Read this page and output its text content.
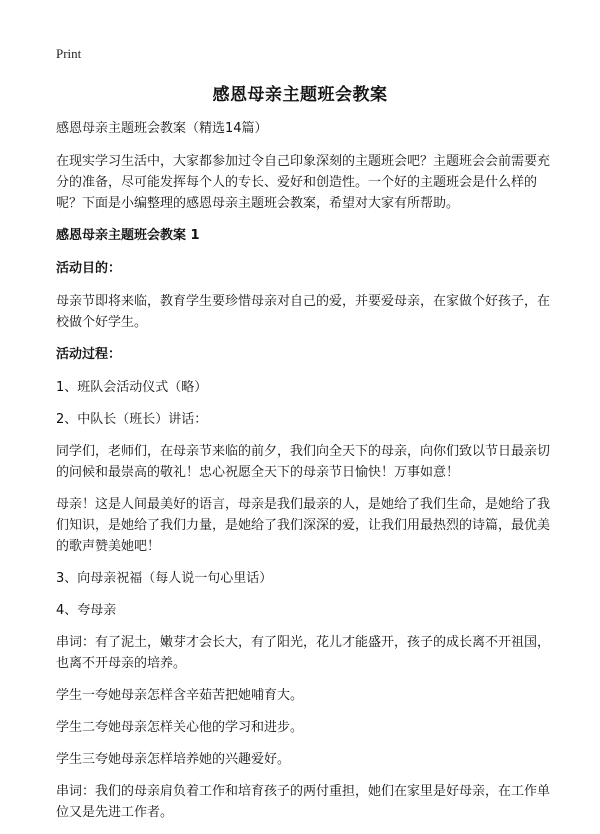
Print
感恩母亲主题班会教案

感恩母亲主题班会教案（精选14篇）

在现实学习生活中，大家都参加过令自己印象深刻的主题班会吧？主题班会会前需要充分的准备，尽可能发挥每个人的专长、爱好和创造性。一个好的主题班会是什么样的呢？下面是小编整理的感恩母亲主题班会教案，希望对大家有所帮助。

感恩母亲主题班会教案 1

活动目的：

母亲节即将来临，教育学生要珍惜母亲对自己的爱，并要爱母亲，在家做个好孩子，在校做个好学生。

活动过程：

1、班队会活动仪式（略）

2、中队长（班长）讲话：

同学们，老师们，在母亲节来临的前夕，我们向全天下的母亲，向你们致以节日最亲切的问候和最崇高的敬礼！忠心祝愿全天下的母亲节日愉快！万事如意！

母亲！这是人间最美好的语言，母亲是我们最亲的人，是她给了我们生命，是她给了我们知识，是她给了我们力量，是她给了我们深深的爱，让我们用最热烈的诗篇，最优美的歌声赞美她吧！

3、向母亲祝福（每人说一句心里话）

4、夸母亲

串词：有了泥土，嫩芽才会长大，有了阳光，花儿才能盛开，孩子的成长离不开祖国，也离不开母亲的培养。

学生一夸她母亲怎样含辛茹苦把她哺育大。

学生二夸她母亲怎样关心他的学习和进步。

学生三夸她母亲怎样培养她的兴趣爱好。

串词：我们的母亲肩负着工作和培育孩子的两付重担，她们在家里是好母亲，在工作单位又是先进工作者。
